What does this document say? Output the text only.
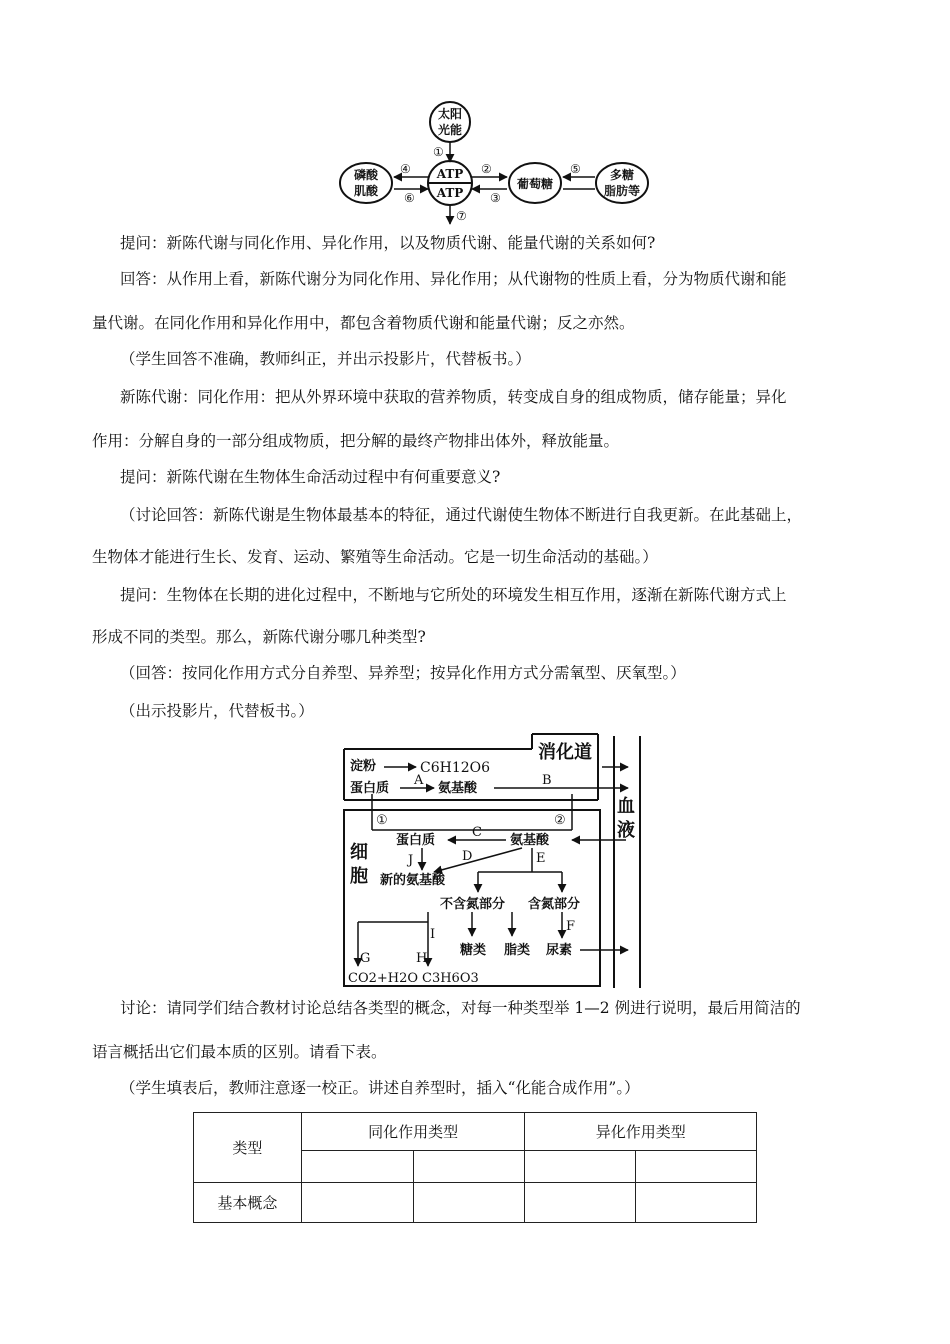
太阳
光能
①
ATP
ATP
⑦
磷酸
肌酸
④
⑥
葡萄糖
②
③
多糖
脂肪等
⑤
提问：新陈代谢与同化作用、异化作用，以及物质代谢、能量代谢的关系如何?
回答：从作用上看，新陈代谢分为同化作用、异化作用；从代谢物的性质上看，分为物质代谢和能
量代谢。在同化作用和异化作用中，都包含着物质代谢和能量代谢；反之亦然。
（学生回答不准确，教师纠正，并出示投影片，代替板书。）
新陈代谢：同化作用：把从外界环境中获取的营养物质，转变成自身的组成物质，储存能量；异化
作用：分解自身的一部分组成物质，把分解的最终产物排出体外，释放能量。
提问：新陈代谢在生物体生命活动过程中有何重要意义?
（讨论回答：新陈代谢是生物体最基本的特征，通过代谢使生物体不断进行自我更新。在此基础上，
生物体才能进行生长、发育、运动、繁殖等生命活动。它是一切生命活动的基础。）
提问：生物体在长期的进化过程中，不断地与它所处的环境发生相互作用，逐渐在新陈代谢方式上
形成不同的类型。那么，新陈代谢分哪几种类型?
（回答：按同化作用方式分自养型、异养型；按异化作用方式分需氧型、厌氧型。）
（出示投影片，代替板书。）
消化道
血
液
淀粉	C6H12O6
蛋白质
A
氨基酸
B
细
胞
①	②
蛋白质
C
氨基酸
J	D	E
新的氨基酸
不含氮部分 含氮部分
I
G	H
F
糖类 脂类 尿素
CO2+H2O C3H6O3
讨论：请同学们结合教材讨论总结各类型的概念，对每一种类型举 1—2 例进行说明，最后用简洁的
语言概括出它们最本质的区别。请看下表。
（学生填表后，教师注意逐一校正。讲述自养型时，插入“化能合成作用”。）
类型	同化作用类型		异化作用类型	

基本概念				
